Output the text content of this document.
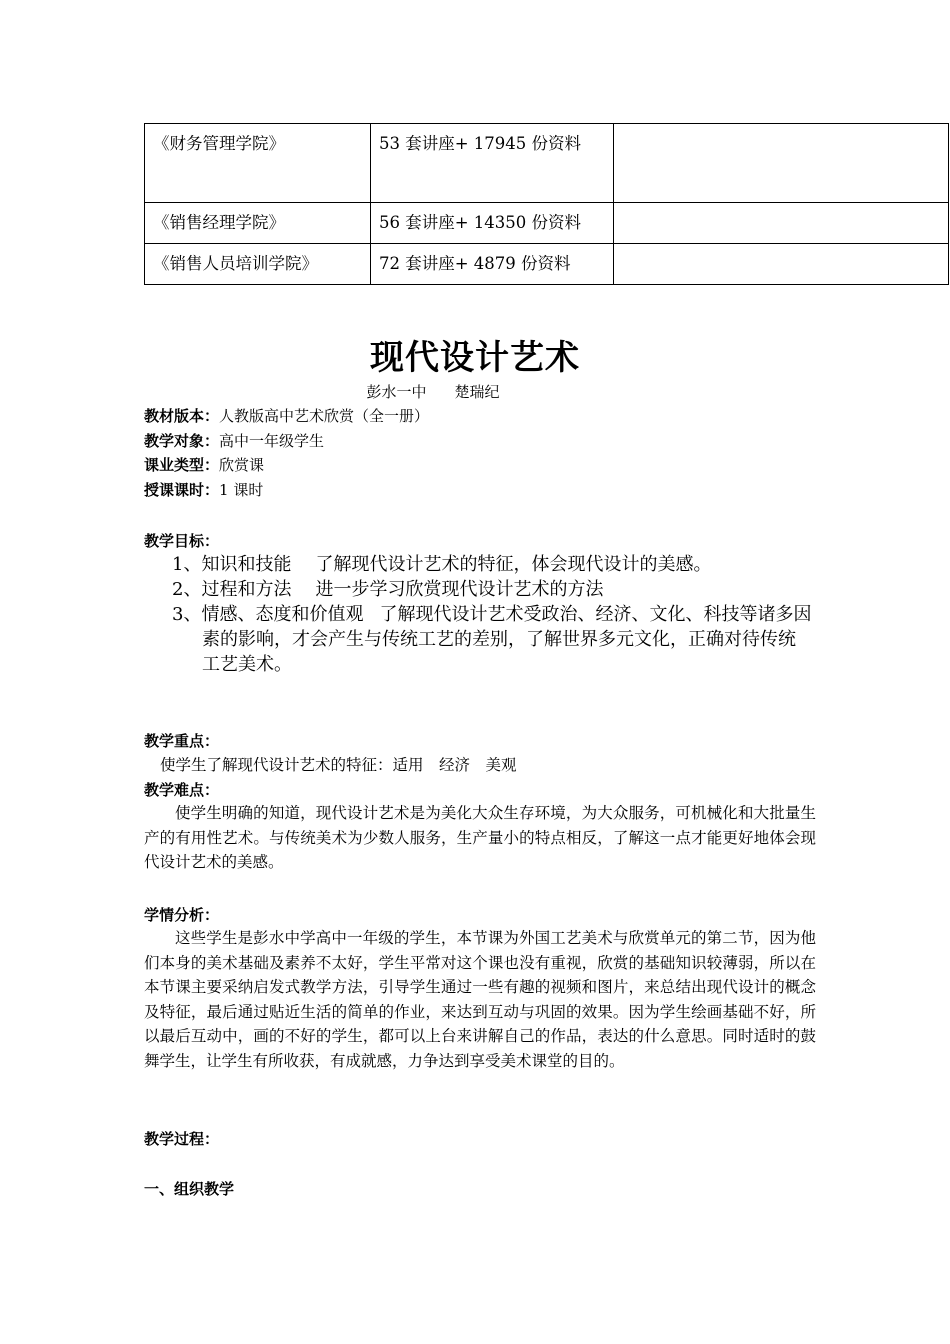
《财务管理学院》	53 套讲座+ 17945 份资料	
《销售经理学院》	56 套讲座+ 14350 份资料	
《销售人员培训学院》	72 套讲座+ 4879 份资料	
现代设计艺术
彭水一中 楚瑞纪
教材版本：人教版高中艺术欣赏（全一册）
教学对象：高中一年级学生
课业类型：欣赏课
授课课时：1 课时
教学目标：
1、知识和技能 了解现代设计艺术的特征，体会现代设计的美感。
2、过程和方法 进一步学习欣赏现代设计艺术的方法
3、情感、态度和价值观 了解现代设计艺术受政治、经济、文化、科技等诸多因素的影响，才会产生与传统工艺的差别，了解世界多元文化，正确对待传统工艺美术。
教学重点：
使学生了解现代设计艺术的特征：适用　经济　美观
教学难点：
使学生明确的知道，现代设计艺术是为美化大众生存环境，为大众服务，可机械化和大批量生产的有用性艺术。与传统美术为少数人服务，生产量小的特点相反，了解这一点才能更好地体会现代设计艺术的美感。
学情分析：
这些学生是彭水中学高中一年级的学生，本节课为外国工艺美术与欣赏单元的第二节，因为他们本身的美术基础及素养不太好，学生平常对这个课也没有重视，欣赏的基础知识较薄弱，所以在本节课主要采纳启发式教学方法，引导学生通过一些有趣的视频和图片，来总结出现代设计的概念及特征，最后通过贴近生活的简单的作业，来达到互动与巩固的效果。因为学生绘画基础不好，所以最后互动中，画的不好的学生，都可以上台来讲解自己的作品，表达的什么意思。同时适时的鼓舞学生，让学生有所收获，有成就感，力争达到享受美术课堂的目的。
教学过程：
一、组织教学
